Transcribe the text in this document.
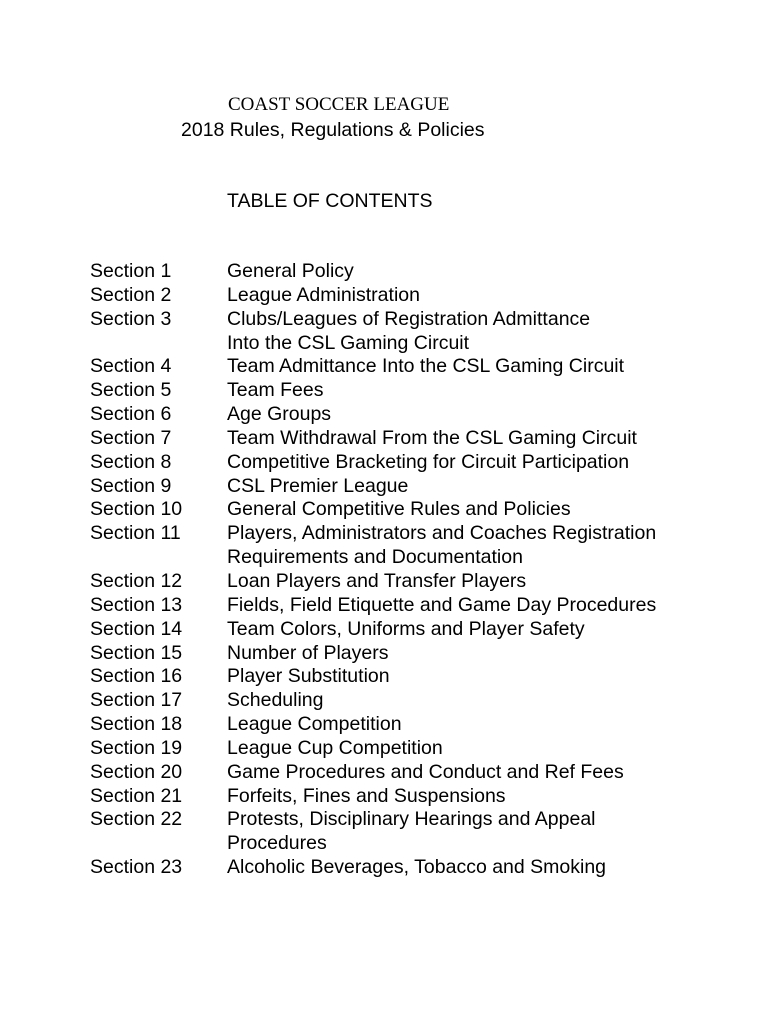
COAST SOCCER LEAGUE
2018 Rules, Regulations & Policies
TABLE OF CONTENTS
Section 1	General Policy
Section 2	League Administration
Section 3	Clubs/Leagues of Registration Admittance
Into the CSL Gaming Circuit
Section 4	Team Admittance Into the CSL Gaming Circuit
Section 5	Team Fees
Section 6	Age Groups
Section 7	Team Withdrawal From the CSL Gaming Circuit
Section 8	Competitive Bracketing for Circuit Participation
Section 9	CSL Premier League
Section 10	General Competitive Rules and Policies
Section 11	Players, Administrators and Coaches Registration
Requirements and Documentation
Section 12	Loan Players and Transfer Players
Section 13	Fields, Field Etiquette and Game Day Procedures
Section 14	Team Colors, Uniforms and Player Safety
Section 15	Number of Players
Section 16	Player Substitution
Section 17	Scheduling
Section 18	League Competition
Section 19	League Cup Competition
Section 20	Game Procedures and Conduct and Ref Fees
Section 21	Forfeits, Fines and Suspensions
Section 22	Protests, Disciplinary Hearings and Appeal
Procedures
Section 23	Alcoholic Beverages, Tobacco and Smoking
